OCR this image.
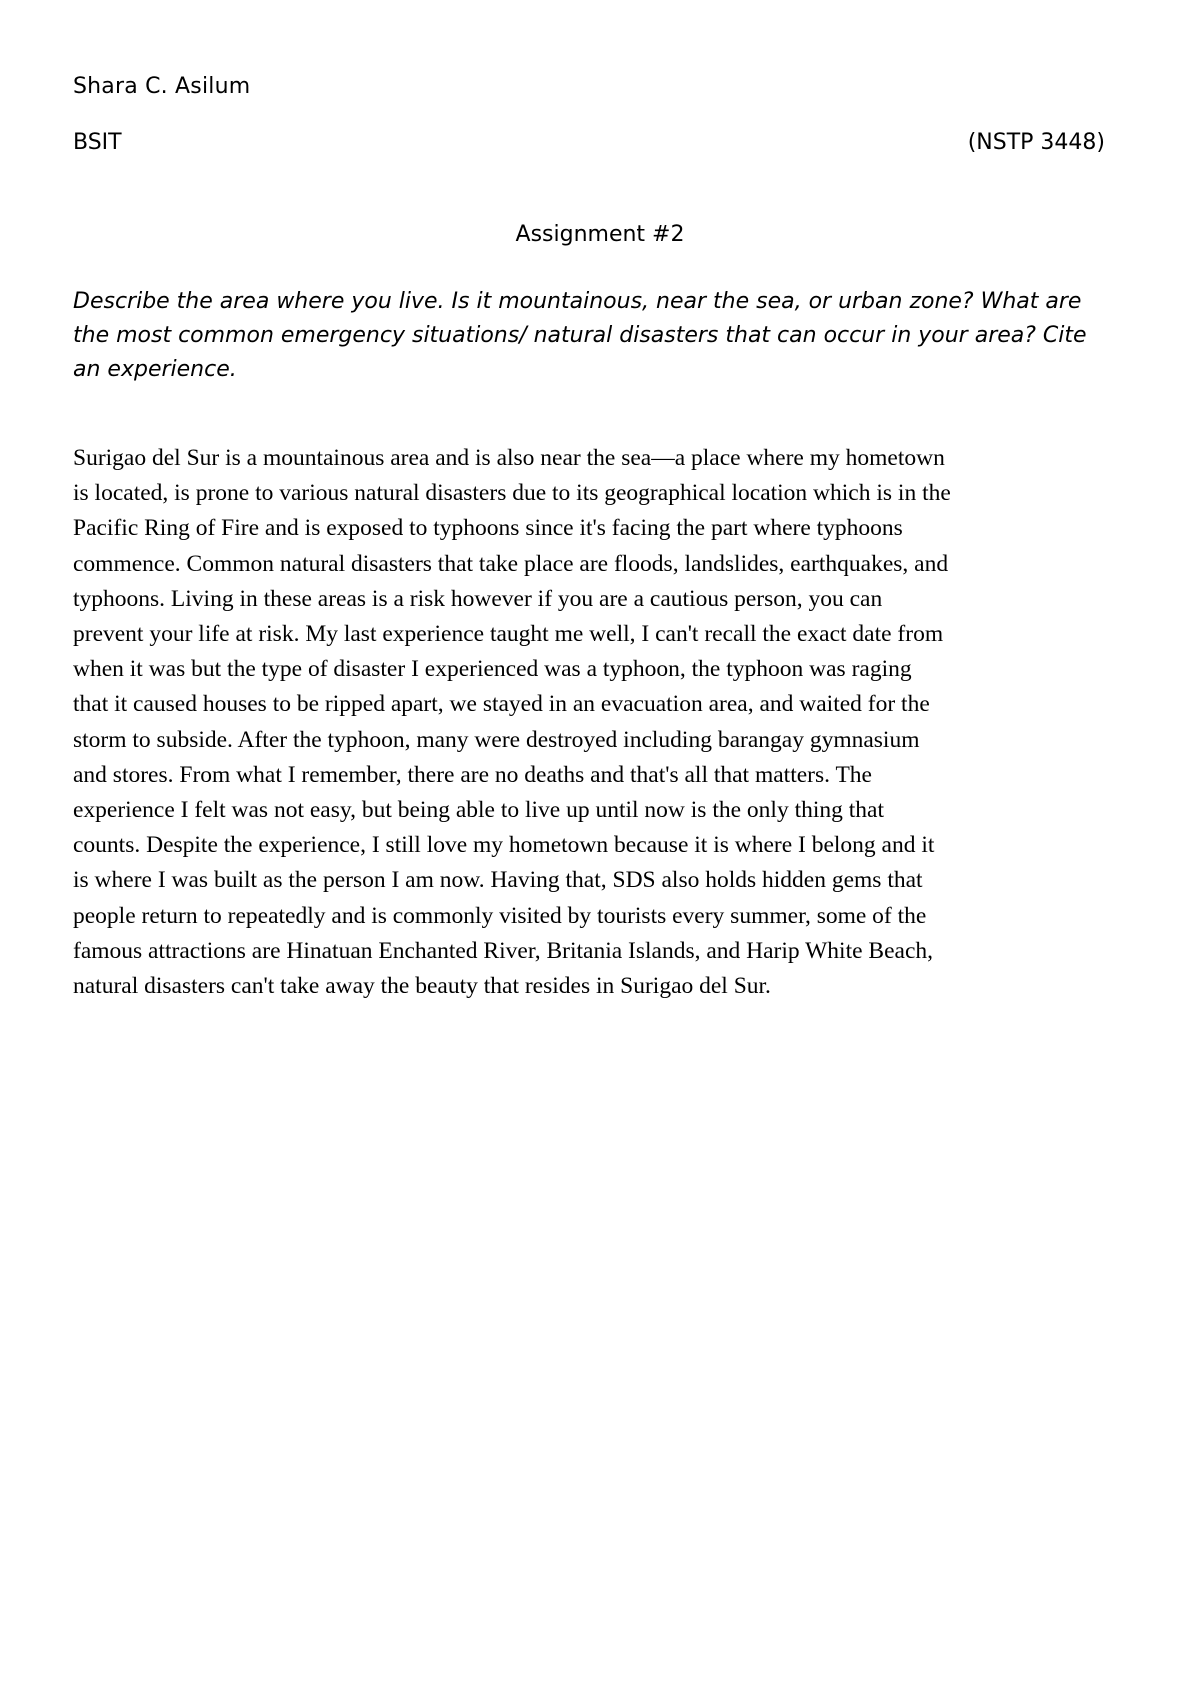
Shara C. Asilum
BSIT	(NSTP 3448)
Assignment #2

Describe the area where you live. Is it mountainous, near the sea, or urban zone? What are
the most common emergency situations/ natural disasters that can occur in your area? Cite
an experience.

Surigao del Sur is a mountainous area and is also near the sea—a place where my hometown
is located, is prone to various natural disasters due to its geographical location which is in the
Pacific Ring of Fire and is exposed to typhoons since it's facing the part where typhoons
commence. Common natural disasters that take place are floods, landslides, earthquakes, and
typhoons. Living in these areas is a risk however if you are a cautious person, you can
prevent your life at risk. My last experience taught me well, I can't recall the exact date from
when it was but the type of disaster I experienced was a typhoon, the typhoon was raging
that it caused houses to be ripped apart, we stayed in an evacuation area, and waited for the
storm to subside. After the typhoon, many were destroyed including barangay gymnasium
and stores. From what I remember, there are no deaths and that's all that matters. The
experience I felt was not easy, but being able to live up until now is the only thing that
counts. Despite the experience, I still love my hometown because it is where I belong and it
is where I was built as the person I am now. Having that, SDS also holds hidden gems that
people return to repeatedly and is commonly visited by tourists every summer, some of the
famous attractions are Hinatuan Enchanted River, Britania Islands, and Harip White Beach,
natural disasters can't take away the beauty that resides in Surigao del Sur.
